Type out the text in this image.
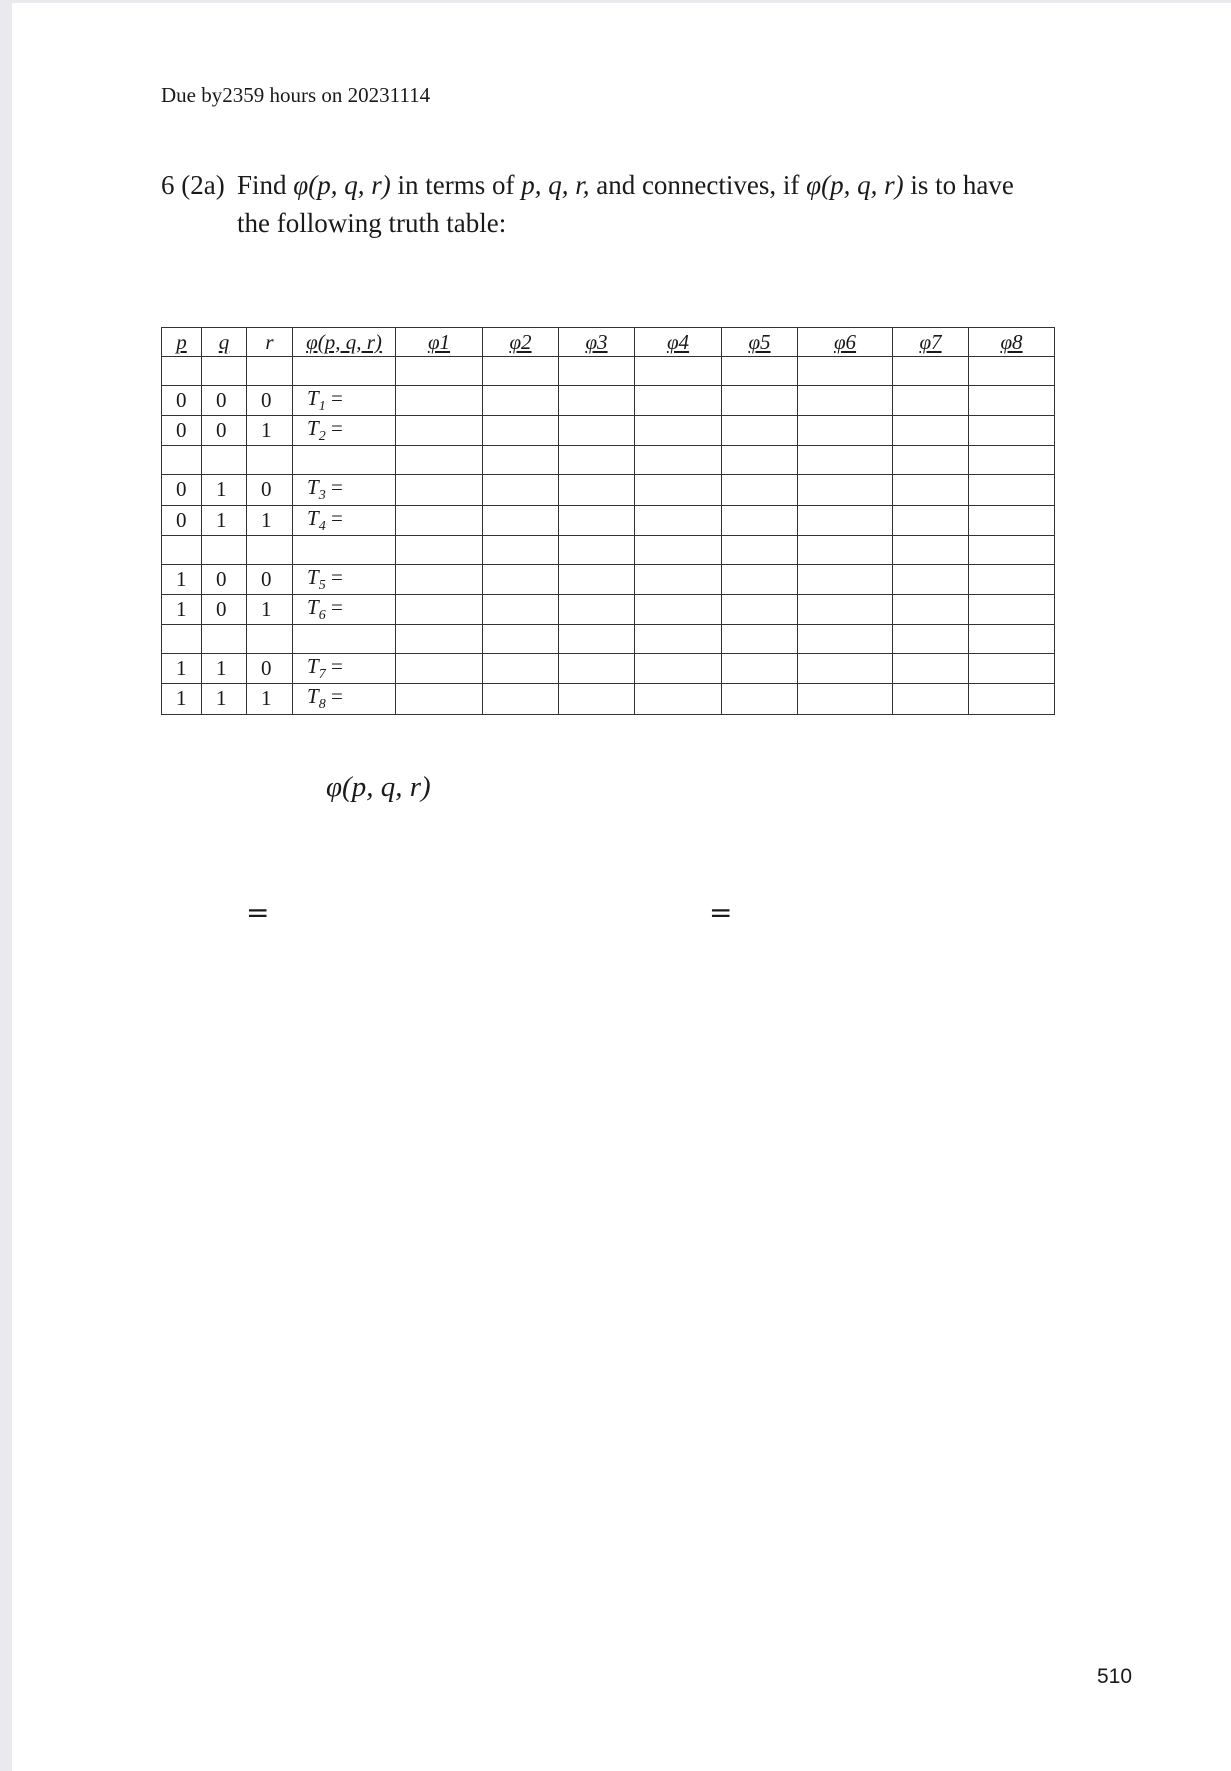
Due by2359 hours on 20231114
6 (2a) Find φ(p, q, r) in terms of p, q, r, and connectives, if φ(p, q, r) is to have
the following truth table:
p	q	r	φ(p, q, r)	φ1	φ2	φ3	φ4	φ5	φ6	φ7	φ8

0	0	0	$T_1$ =								
0	0	1	$T_2$ =								

0	1	0	$T_3$ =								
0	1	1	$T_4$ =								

1	0	0	$T_5$ =								
1	0	1	$T_6$ =								

1	1	0	$T_7$ =								
1	1	1	$T_8$ =								
φ(p, q, r)
=	=
510
